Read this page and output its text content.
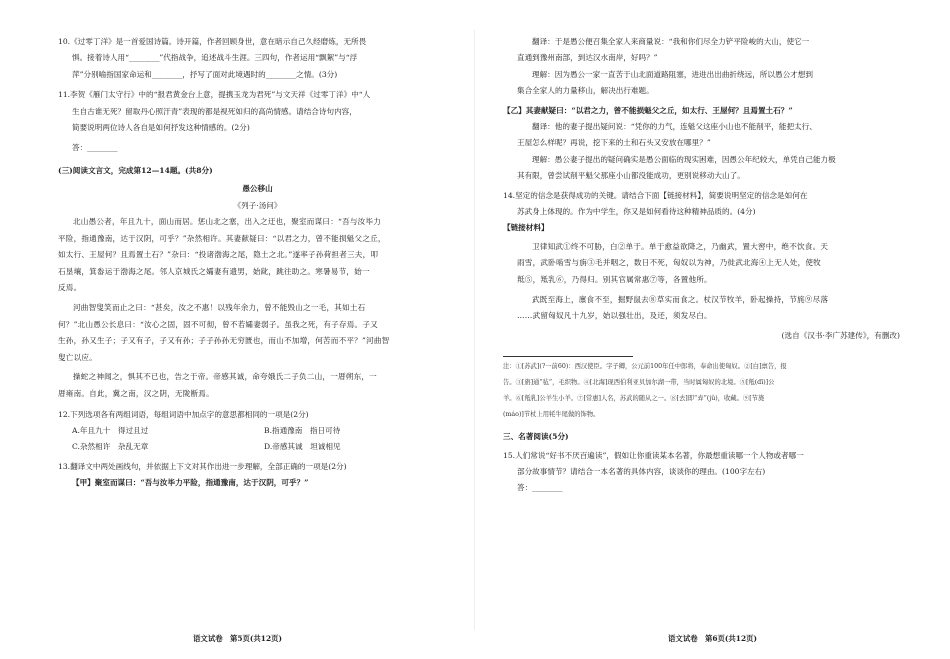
10.《过零丁洋》是一首爱国诗篇。诗开篇，作者回顾身世，意在暗示自己久经磨炼，无所畏

惧。接着诗人用“________”代指战争，追述战斗生涯。三四句，作者运用“飘絮”与“浮

萍”分别喻指国家命运和________，抒写了面对此境遇时的________之情。(3分)

11.李贺《雁门太守行》中的“报君黄金台上意，提携玉龙为君死”与文天祥《过零丁洋》中“人

生自古谁无死？留取丹心照汗青”表现的都是视死如归的高尚情感。请结合诗句内容，

简要说明两位诗人各自是如何抒发这种情感的。(2分)

答：________

(三)阅读文言文，完成第12—14题。(共8分)

愚公移山

《列子·汤问》

北山愚公者，年且九十，面山而居。惩山北之塞，出入之迂也，聚室而谋曰：“吾与汝毕力

平险，指通豫南，达于汉阴，可乎？”杂然相许。其妻献疑曰：“以君之力，曾不能损魁父之丘，

如太行、王屋何？且焉置土石？”杂曰：“投诸渤海之尾，隐土之北。”遂率子孙荷担者三夫，叩

石垦壤，箕畚运于渤海之尾。邻人京城氏之孀妻有遗男，始龀，跳往助之。寒暑易节，始一

反焉。

河曲智叟笑而止之曰：“甚矣，汝之不惠！以残年余力，曾不能毁山之一毛，其如土石

何？”北山愚公长息曰：“汝心之固，固不可彻，曾不若孀妻弱子。虽我之死，有子存焉。子又

生孙，孙又生子；子又有子，子又有孙；子子孙孙无穷匮也，而山不加增，何苦而不平？”河曲智

叟亡以应。

操蛇之神闻之，惧其不已也，告之于帝。帝感其诚，命夸娥氏二子负二山，一厝朔东，一

厝雍南。自此，冀之南，汉之阴，无陇断焉。

12.下列选项各有两组词语，每组词语中加点字的意思都相同的一项是(2分)

A.年且九十　得过且过	B.指通豫南　指日可待
C.杂然相许　杂乱无章	D.帝感其诚　坦诚相见

13.翻译文中两处画线句，并依据上下文对其作出进一步理解，全部正确的一项是(2分)

【甲】聚室而谋曰：“吾与汝毕力平险，指通豫南，达于汉阴，可乎？”

翻译：于是愚公便召集全家人来商量说：“我和你们尽全力铲平险峻的大山，使它一

直通到豫州南部，到达汉水南岸，好吗？”

理解：因为愚公一家一直苦于山北面道路阻塞，进进出出曲折绕远，所以愚公才想到

集合全家人的力量移山，解决出行难题。

【乙】其妻献疑曰：“以君之力，曾不能损魁父之丘，如太行、王屋何？且焉置土石？”

翻译：他的妻子提出疑问说：“凭你的力气，连魁父这座小山也不能削平，能把太行、

王屋怎么样呢？再说，挖下来的土和石头又安放在哪里？”

理解：愚公妻子提出的疑问确实是愚公面临的现实困难，因愚公年纪较大，单凭自己能力极

其有限，曾尝试削平魁父那座小山都没能成功，更别说移动大山了。

14.坚定的信念是获得成功的关键。请结合下面【链接材料】，简要说明坚定的信念是如何在

苏武身上体现的。作为中学生，你又是如何看待这种精神品质的。(4分)

【链接材料】

卫律知武①终不可胁，白②单于。单于愈益欲降之，乃幽武，置大窖中，绝不饮食。天

雨雪，武卧啮雪与旃③毛并咽之，数日不死，匈奴以为神，乃徙武北海④上无人处，使牧

羝⑤，羝乳⑥，乃得归。别其官属常惠⑦等，各置他所。

武既至海上，廪食不至，掘野鼠去⑧草实而食之。杖汉节牧羊，卧起操持，节旄⑨尽落

……武留匈奴凡十九岁，始以强壮出，及还，须发尽白。

(选自《汉书·李广苏建传》，有删改)

注：①[苏武](?一前60)：西汉使臣。字子卿，公元前100年任中郎将，奉命出使匈奴。②[白]禀告，报

告。③[旃]通“毡”，毛织物。④[北海]现西伯利亚贝加尔湖一带，当时属匈奴的北境。⑤[羝(dī)]公

羊。⑥[羝乳]公羊生小羊。⑦[常惠]人名，苏武的随从之一。⑧[去]即“弆”(jǔ)，收藏。⑨[节旄

(máo)]节杖上用牦牛尾做的饰物。

三、名著阅读(5分)

15.人们常说“好书不厌百遍读”，假如让你重读某本名著，你最想重读哪一个人物或者哪一

部分故事情节？请结合一本名著的具体内容，谈谈你的理由。(100字左右)

答：________

语文试卷　第5页(共12页)	语文试卷　第6页(共12页)
